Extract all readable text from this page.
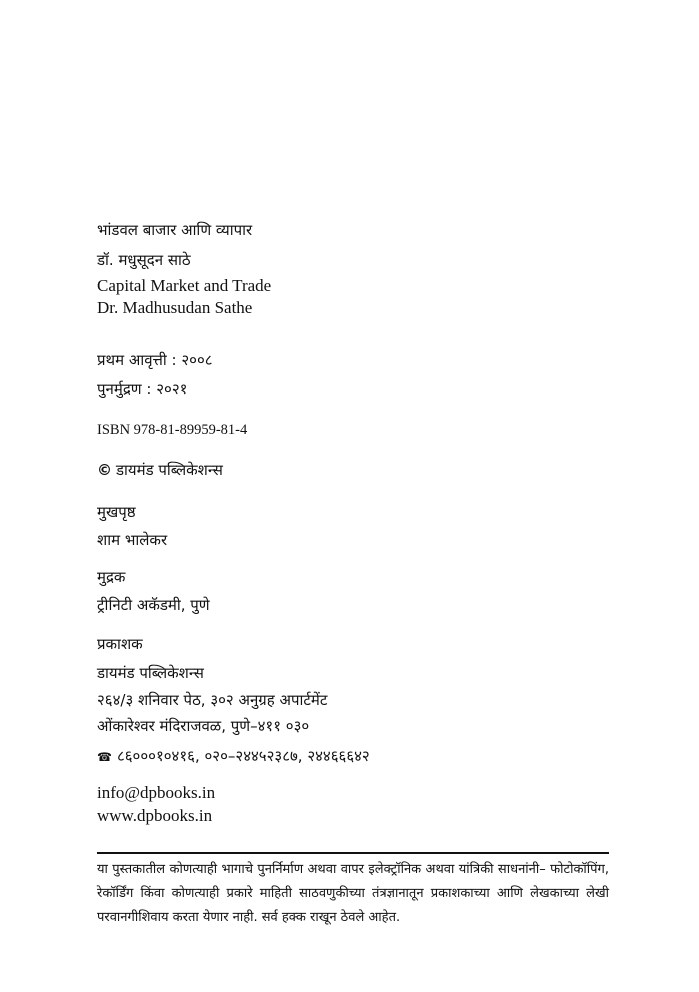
भांडवल बाजार आणि व्यापार
डॉ. मधुसूदन साठे
Capital Market and Trade
Dr. Madhusudan Sathe
प्रथम आवृत्ती : २००८
पुनर्मुद्रण : २०२१
ISBN 978-81-89959-81-4
© डायमंड पब्लिकेशन्स
मुखपृष्ठ
शाम भालेकर
मुद्रक
ट्रीनिटी अकॅडमी, पुणे
प्रकाशक
डायमंड पब्लिकेशन्स
२६४/३ शनिवार पेठ, ३०२ अनुग्रह अपार्टमेंट
ओंकारेश्वर मंदिराजवळ, पुणे–४११ ०३०
☎ ८६०००१०४१६, ०२०–२४४५२३८७, २४४६६६४२
info@dpbooks.in
www.dpbooks.in
या पुस्तकातील कोणत्याही भागाचे पुनर्निर्माण अथवा वापर इलेक्ट्रॉनिक अथवा यांत्रिकी साधनांनी– फोटोकॉपिंग, रेकॉर्डिंग किंवा कोणत्याही प्रकारे माहिती साठवणुकीच्या तंत्रज्ञानातून प्रकाशकाच्या आणि लेखकाच्या लेखी परवानगीशिवाय करता येणार नाही. सर्व हक्क राखून ठेवले आहेत.
